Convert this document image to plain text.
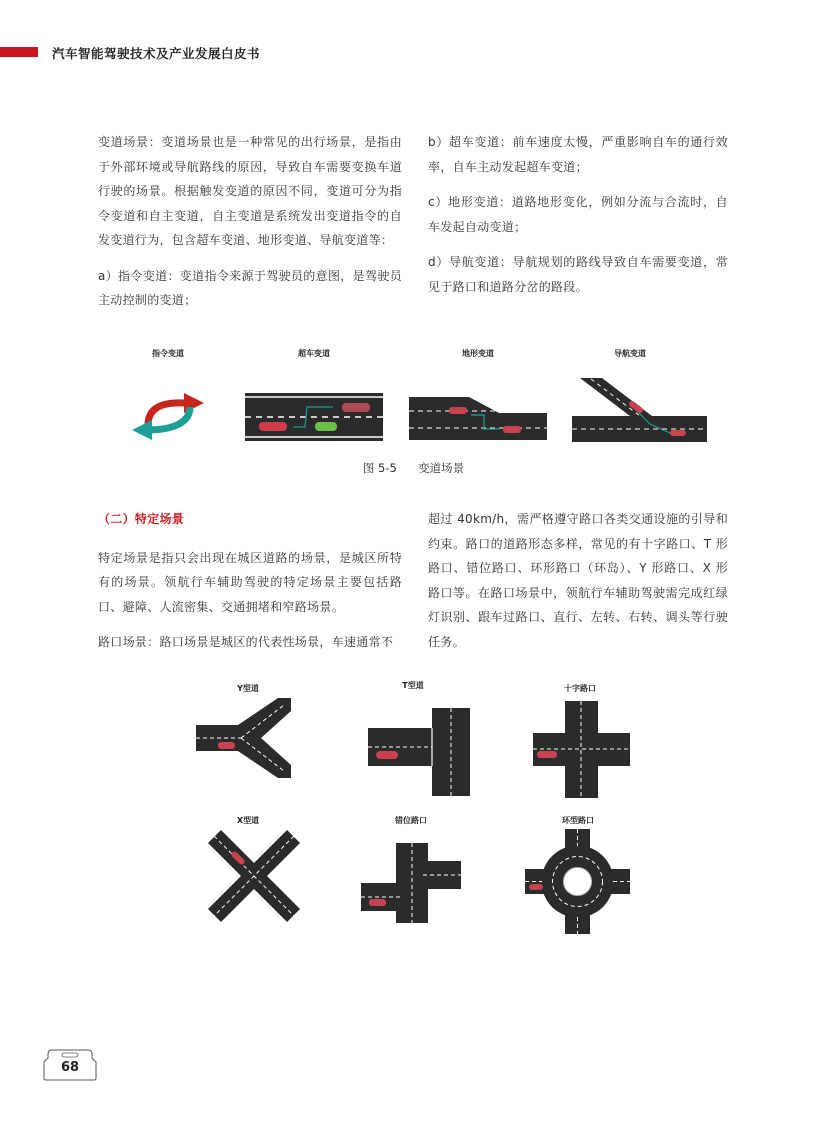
汽车智能驾驶技术及产业发展白皮书

变道场景：变道场景也是一种常见的出行场景，是指由于外部环境或导航路线的原因，导致自车需要变换车道行驶的场景。根据触发变道的原因不同，变道可分为指令变道和自主变道，自主变道是系统发出变道指令的自发变道行为，包含超车变道、地形变道、导航变道等：

a）指令变道：变道指令来源于驾驶员的意图，是驾驶员主动控制的变道；

b）超车变道：前车速度太慢，严重影响自车的通行效率，自车主动发起超车变道；

c）地形变道：道路地形变化，例如分流与合流时，自车发起自动变道；

d）导航变道：导航规划的路线导致自车需要变道，常见于路口和道路分岔的路段。

指令变道	超车变道	地形变道	导航变道
图 5-5 变道场景

（二）特定场景

特定场景是指只会出现在城区道路的场景，是城区所特有的场景。领航行车辅助驾驶的特定场景主要包括路口、避障、人流密集、交通拥堵和窄路场景。

路口场景：路口场景是城区的代表性场景，车速通常不

超过 40km/h，需严格遵守路口各类交通设施的引导和约束。路口的道路形态多样，常见的有十字路口、T 形路口、错位路口、环形路口（环岛）、Y 形路口、X 形路口等。在路口场景中，领航行车辅助驾驶需完成红绿灯识别、跟车过路口、直行、左转、右转、调头等行驶任务。

Y型道	T型道	十字路口
X型道	错位路口	环型路口
68
